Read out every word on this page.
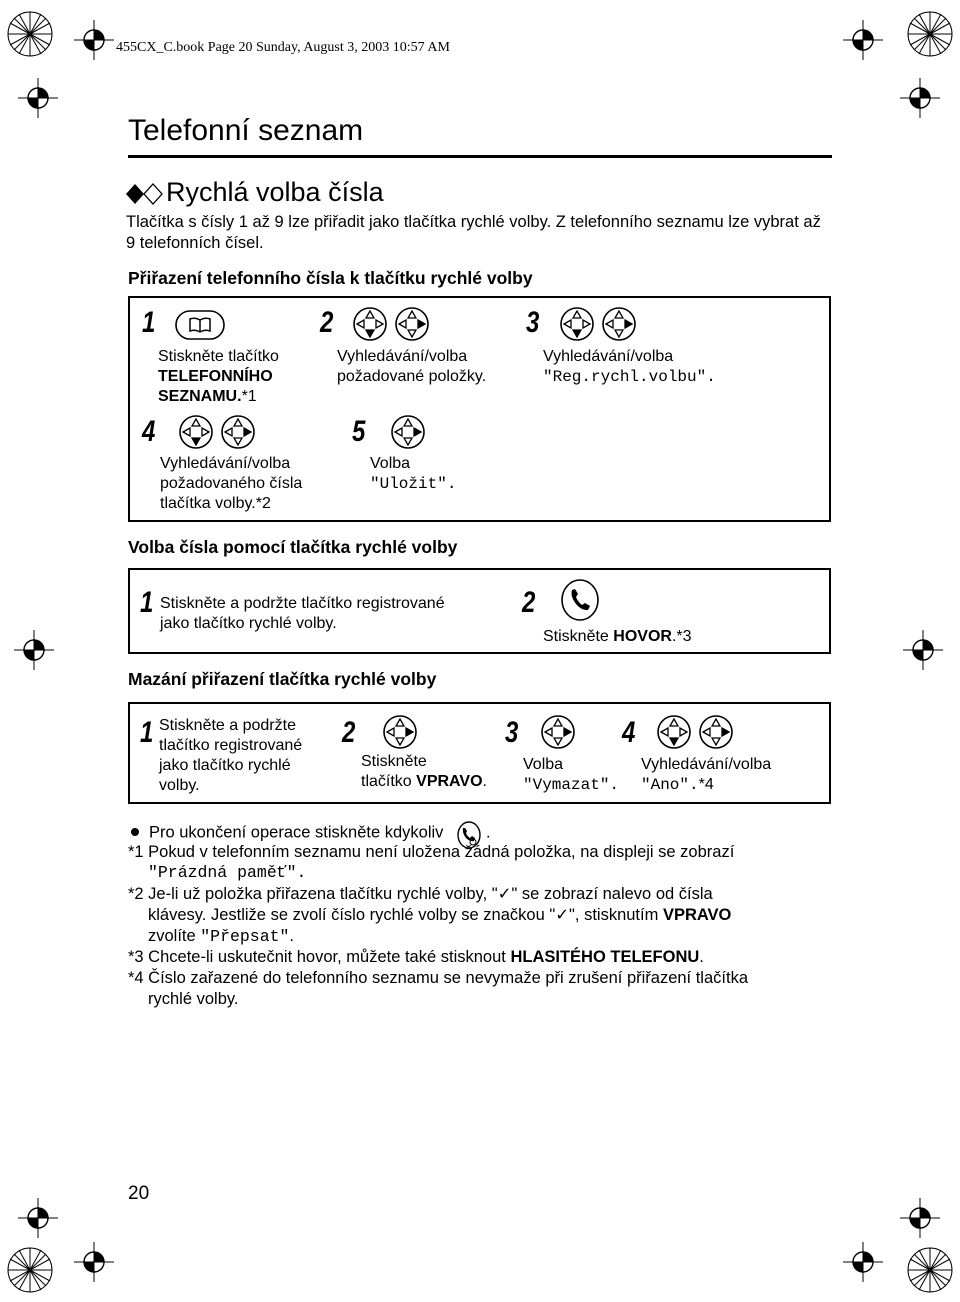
455CX_C.book Page 20 Sunday, August 3, 2003 10:57 AM
Telefonní seznam
Rychlá volba čísla
Tlačítka s čísly 1 až 9 lze přiřadit jako tlačítka rychlé volby. Z telefonního seznamu lze vybrat až 9 telefonních čísel.
Přiřazení telefonního čísla k tlačítku rychlé volby
1
Stiskněte tlačítko
TELEFONNÍHO
SEZNAMU.*1
2
Vyhledávání/volba
požadované položky.
3
Vyhledávání/volba
"Reg.rychl.volbu".
4
Vyhledávání/volba
požadovaného čísla
tlačítka volby.*2
5
Volba
"Uložit".
Volba čísla pomocí tlačítka rychlé volby
1 Stiskněte a podržte tlačítko registrované
jako tlačítko rychlé volby.
2
Stiskněte HOVOR.*3
Mazání přiřazení tlačítka rychlé volby
1 Stiskněte a podržte
tlačítko registrované
jako tlačítko rychlé
volby.
2
Stiskněte
tlačítko VPRAVO.
3
Volba
"Vymazat".
4
Vyhledávání/volba
"Ano".*4
Pro ukončení operace stiskněte kdykoliv	.
*1 Pokud v telefonním seznamu není uložena žádná položka, na displeji se zobrazí
"Prázdná paměť".
*2 Je-li už položka přiřazena tlačítku rychlé volby, "✓" se zobrazí nalevo od čísla
klávesy. Jestliže se zvolí číslo rychlé volby se značkou "✓", stisknutím VPRAVO
zvolíte "Přepsat".
*3 Chcete-li uskutečnit hovor, můžete také stisknout HLASITÉHO TELEFONU.
*4 Číslo zařazené do telefonního seznamu se nevymaže při zrušení přiřazení tlačítka
rychlé volby.
20
